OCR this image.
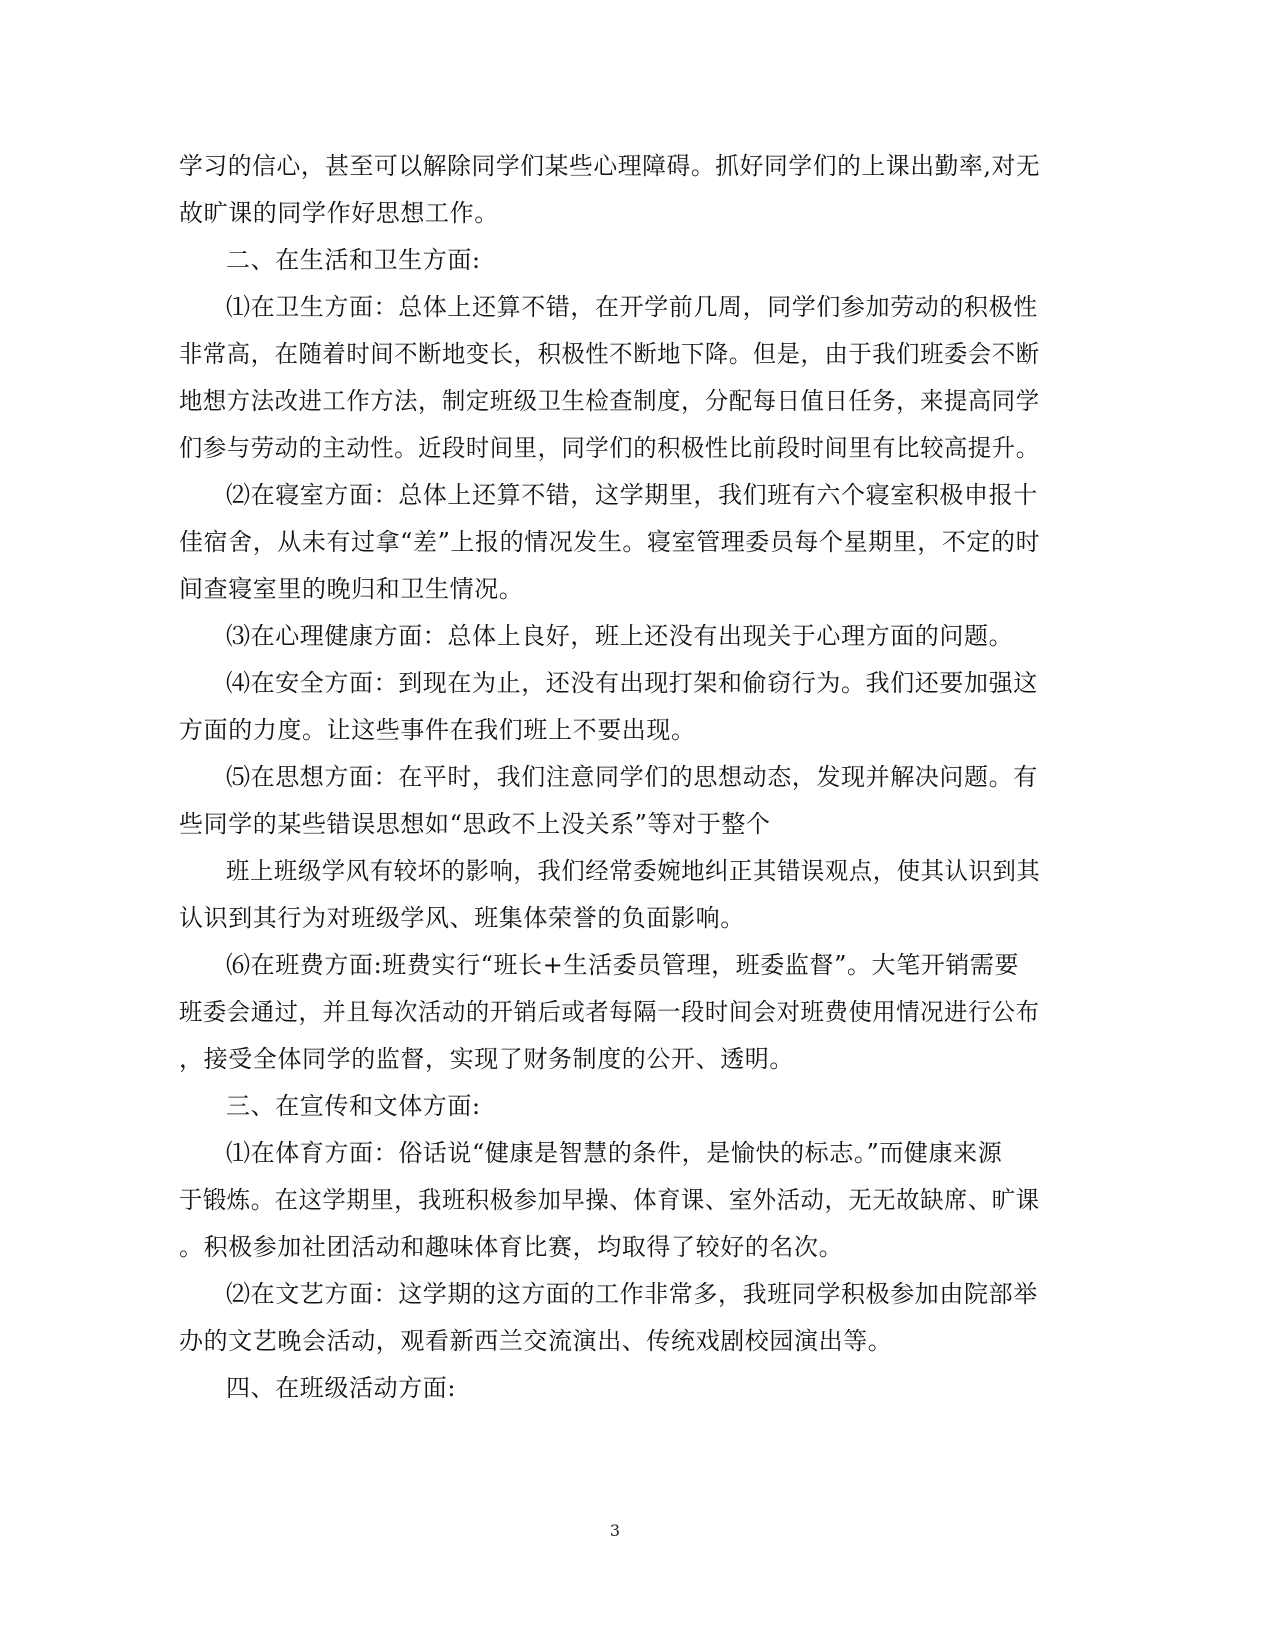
学习的信心，甚至可以解除同学们某些心理障碍。抓好同学们的上课出勤率,对无
故旷课的同学作好思想工作。
二、在生活和卫生方面:
⑴在卫生方面：总体上还算不错，在开学前几周，同学们参加劳动的积极性
非常高，在随着时间不断地变长，积极性不断地下降。但是，由于我们班委会不断
地想方法改进工作方法，制定班级卫生检查制度，分配每日值日任务，来提高同学
们参与劳动的主动性。近段时间里，同学们的积极性比前段时间里有比较高提升。
⑵在寝室方面：总体上还算不错，这学期里，我们班有六个寝室积极申报十
佳宿舍，从未有过拿“差”上报的情况发生。寝室管理委员每个星期里，不定的时
间查寝室里的晚归和卫生情况。
⑶在心理健康方面：总体上良好，班上还没有出现关于心理方面的问题。
⑷在安全方面：到现在为止，还没有出现打架和偷窃行为。我们还要加强这
方面的力度。让这些事件在我们班上不要出现。
⑸在思想方面：在平时，我们注意同学们的思想动态，发现并解决问题。有
些同学的某些错误思想如“思政不上没关系”等对于整个
班上班级学风有较坏的影响，我们经常委婉地纠正其错误观点，使其认识到其
认识到其行为对班级学风、班集体荣誉的负面影响。
⑹在班费方面:班费实行“班长+生活委员管理，班委监督”。大笔开销需要
班委会通过，并且每次活动的开销后或者每隔一段时间会对班费使用情况进行公布
，接受全体同学的监督，实现了财务制度的公开、透明。
三、在宣传和文体方面:
⑴在体育方面：俗话说“健康是智慧的条件，是愉快的标志。”而健康来源
于锻炼。在这学期里，我班积极参加早操、体育课、室外活动，无无故缺席、旷课
。积极参加社团活动和趣味体育比赛，均取得了较好的名次。
⑵在文艺方面：这学期的这方面的工作非常多，我班同学积极参加由院部举
办的文艺晚会活动，观看新西兰交流演出、传统戏剧校园演出等。
四、在班级活动方面:
3
